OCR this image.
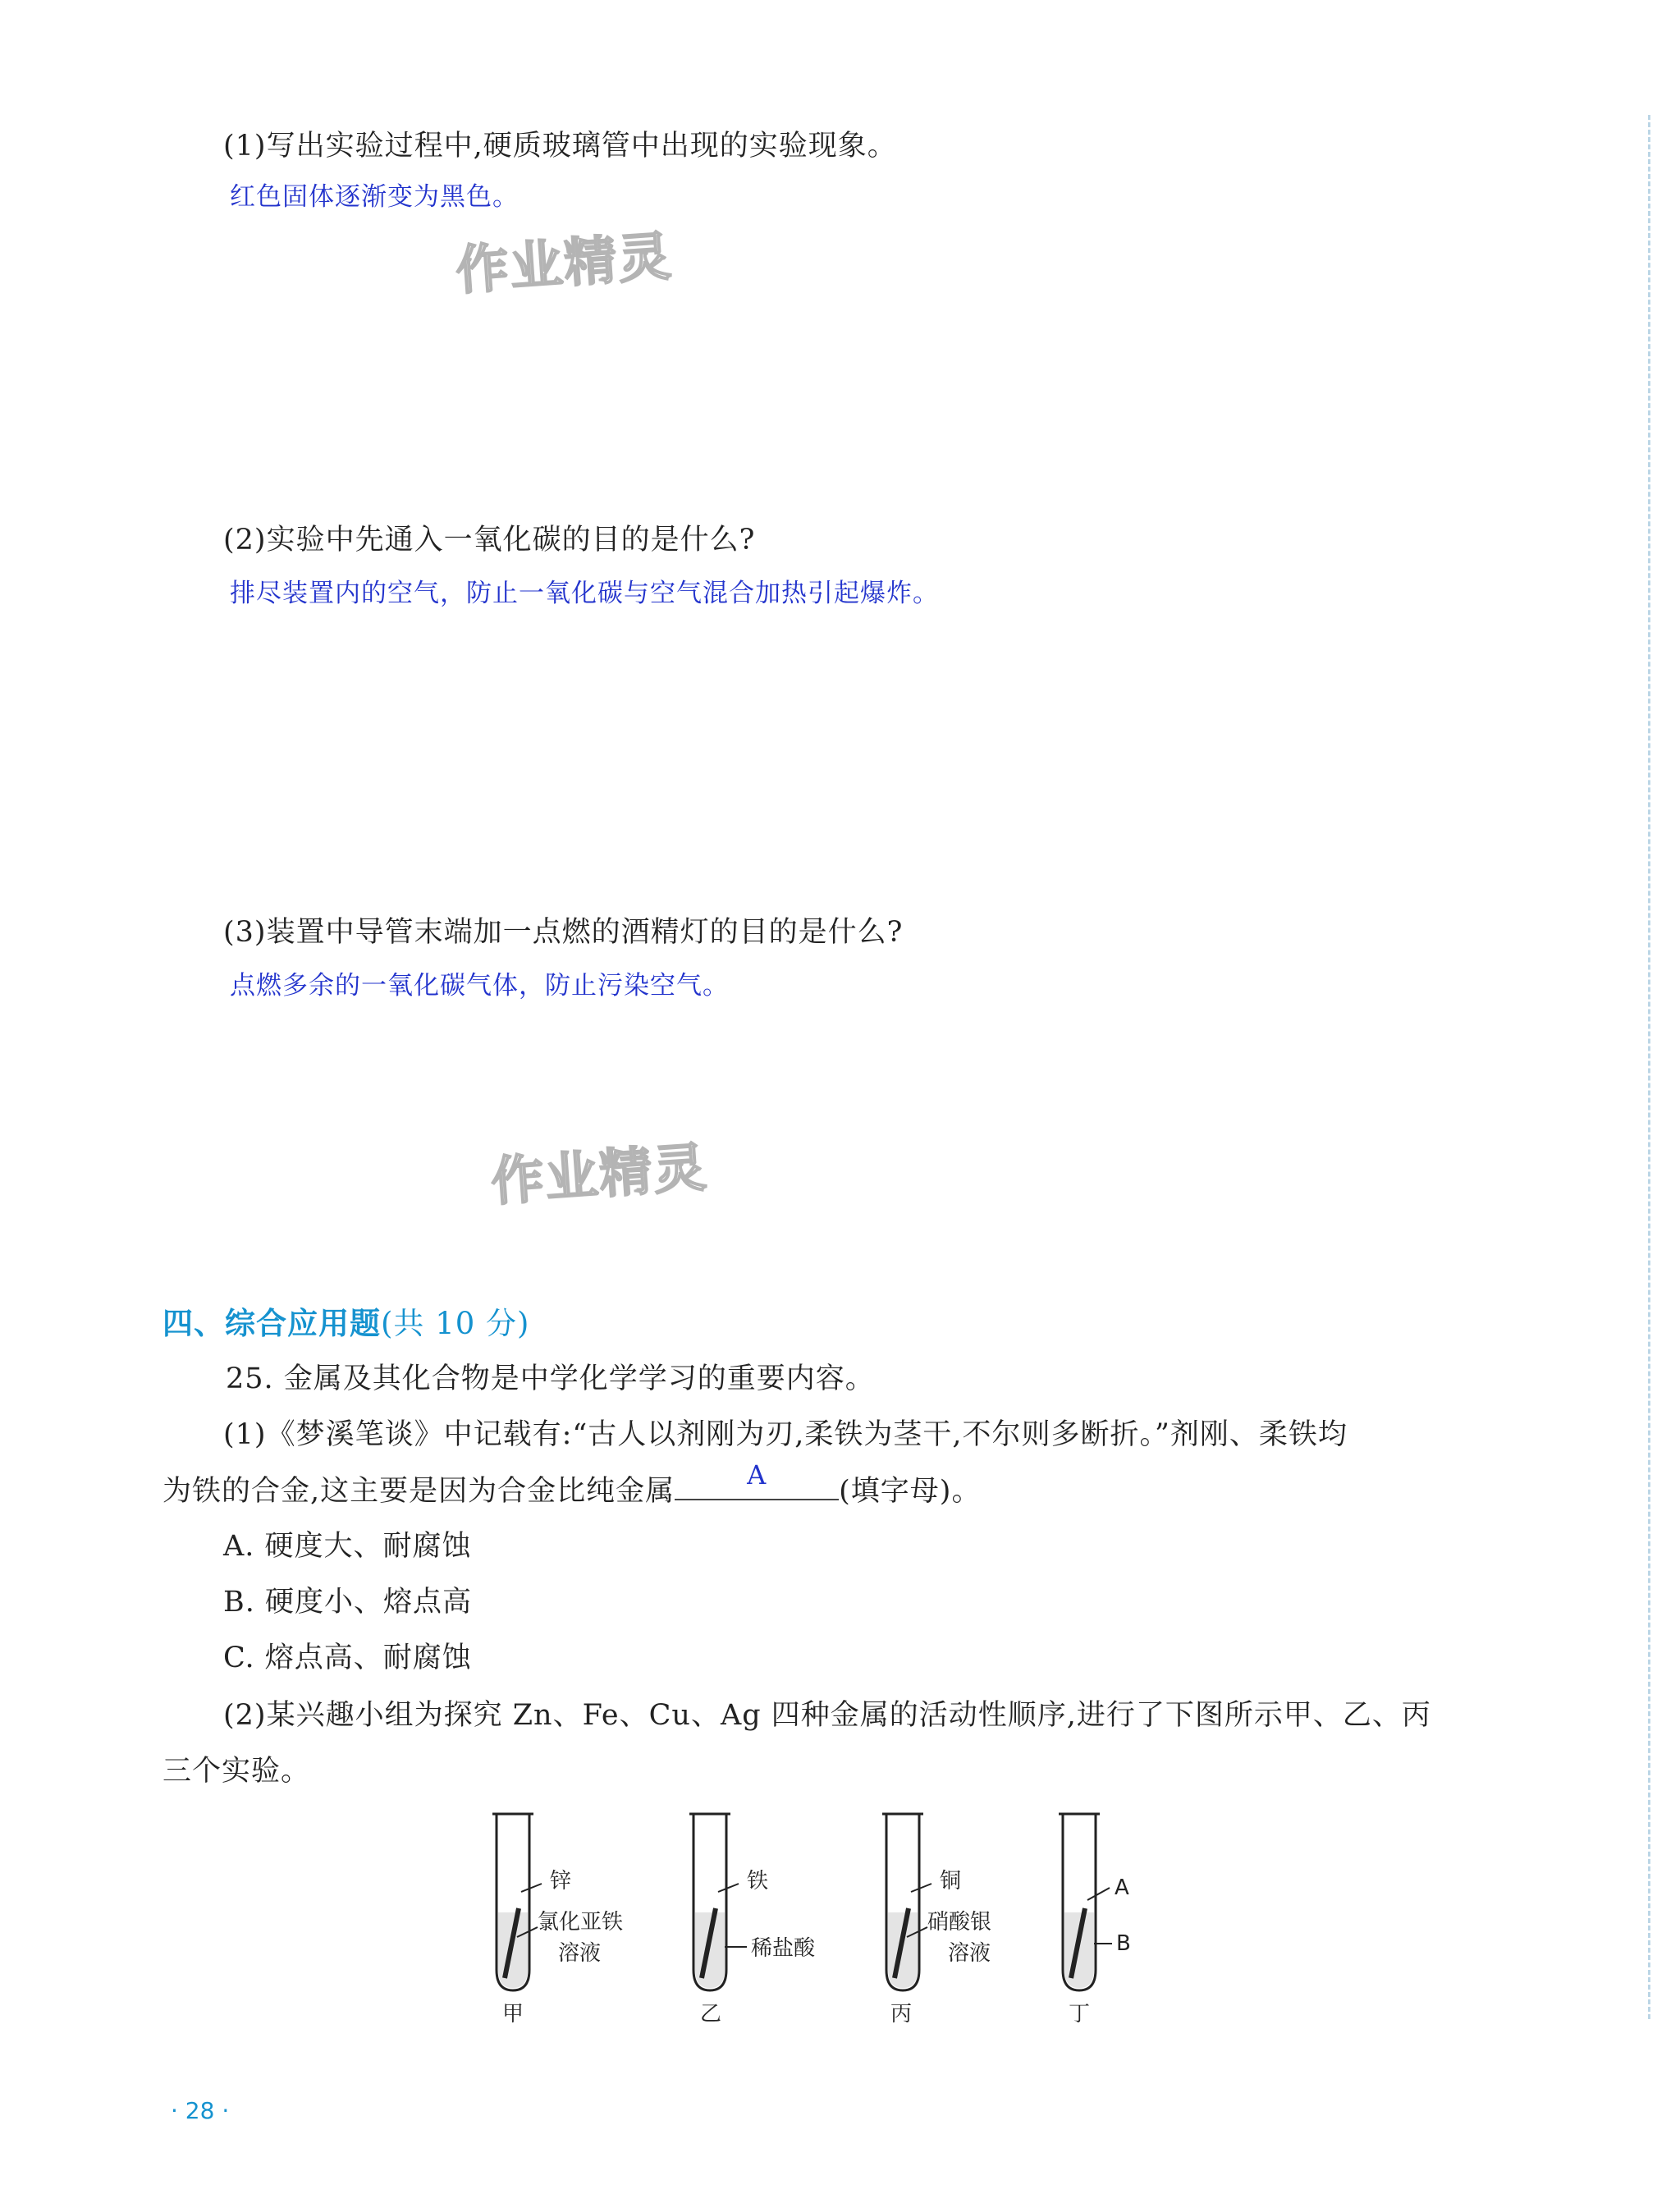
(1)写出实验过程中,硬质玻璃管中出现的实验现象。
红色固体逐渐变为黑色。
作业精灵
(2)实验中先通入一氧化碳的目的是什么?
排尽装置内的空气，防止一氧化碳与空气混合加热引起爆炸。
(3)装置中导管末端加一点燃的酒精灯的目的是什么?
点燃多余的一氧化碳气体，防止污染空气。
作业精灵
四、综合应用题(共 10 分)
25. 金属及其化合物是中学化学学习的重要内容。
(1)《梦溪笔谈》中记载有:“古人以剂刚为刃,柔铁为茎干,不尔则多断折。”剂刚、柔铁均
为铁的合金,这主要是因为合金比纯金属	A	(填字母)。
A. 硬度大、耐腐蚀
B. 硬度小、熔点高
C. 熔点高、耐腐蚀
(2)某兴趣小组为探究 Zn、Fe、Cu、Ag 四种金属的活动性顺序,进行了下图所示甲、乙、丙
三个实验。
锌
氯化亚铁
溶液
甲
铁
稀盐酸
乙
铜
硝酸银
溶液
丙
A
B
丁
· 28 ·
